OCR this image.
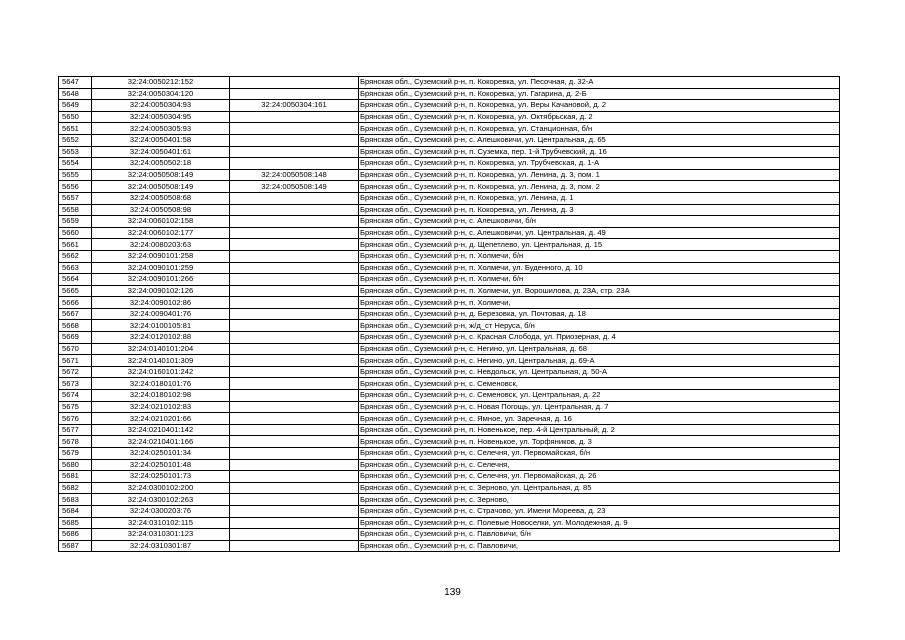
5647	32:24:0050212:152		Брянская обл., Суземский р-н, п. Кокоревка, ул. Песочная, д. 32-А
5648	32:24:0050304:120		Брянская обл., Суземский р-н, п. Кокоревка, ул. Гагарина, д. 2-Б
5649	32:24:0050304:93	32:24:0050304:161	Брянская обл., Суземский р-н, п. Кокоревка, ул. Веры Качановой, д. 2
5650	32:24:0050304:95		Брянская обл., Суземский р-н, п. Кокоревка, ул. Октябрьская, д. 2
5651	32:24:0050305:93		Брянская обл., Суземский р-н, п. Кокоревка, ул. Станционная, б/н
5652	32:24:0050401:58		Брянская обл., Суземский р-н, с. Алешковичи, ул. Центральная, д. 65
5653	32:24:0050401:61		Брянская обл., Суземский р-н, п. Суземка, пер. 1-й Трубчевский, д. 16
5654	32:24:0050502:18		Брянская обл., Суземский р-н, п. Кокоревка, ул. Трубчевская, д. 1-А
5655	32:24:0050508:149	32:24:0050508:148	Брянская обл., Суземский р-н, п. Кокоревка, ул. Ленина, д. 3, пом. 1
5656	32:24:0050508:149	32:24:0050508:149	Брянская обл., Суземский р-н, п. Кокоревка, ул. Ленина, д. 3, пом. 2
5657	32:24:0050508:68		Брянская обл., Суземский р-н, п. Кокоревка, ул. Ленина, д. 1
5658	32:24:0050508:98		Брянская обл., Суземский р-н, п. Кокоревка, ул. Ленина, д. 3
5659	32:24:0060102:158		Брянская обл., Суземский р-н, с. Алешковичи, б/н
5660	32:24:0060102:177		Брянская обл., Суземский р-н, с. Алешковичи, ул. Центральная, д. 49
5661	32:24:0080203:63		Брянская обл., Суземский р-н, д. Щепетлево, ул. Центральная, д. 15
5662	32:24:0090101:258		Брянская обл., Суземский р-н, п. Холмечи, б/н
5663	32:24:0090101:259		Брянская обл., Суземский р-н, п. Холмечи, ул. Буденного, д. 10
5664	32:24:0090101:266		Брянская обл., Суземский р-н, п. Холмечи, б/н
5665	32:24:0090102:126		Брянская обл., Суземский р-н, п. Холмечи, ул. Ворошилова, д. 23А, стр. 23А
5666	32:24:0090102:86		Брянская обл., Суземский р-н, п. Холмечи,
5667	32:24:0090401:76		Брянская обл., Суземский р-н, д. Березовка, ул. Почтовая, д. 18
5668	32:24:0100105:81		Брянская обл., Суземский р-н, ж/д_ст Неруса, б/н
5669	32:24:0120102:88		Брянская обл., Суземский р-н, с. Красная Слобода, ул. Приозерная, д. 4
5670	32:24:0140101:204		Брянская обл., Суземский р-н, с. Негино, ул. Центральная, д. 68
5671	32:24:0140101:309		Брянская обл., Суземский р-н, с. Негино, ул. Центральная, д. 69-А
5672	32:24:0160101:242		Брянская обл., Суземский р-н, с. Невдольск, ул. Центральная, д. 50-А
5673	32:24:0180101:76		Брянская обл., Суземский р-н, с. Семеновск,
5674	32:24:0180102:98		Брянская обл., Суземский р-н, с. Семеновск, ул. Центральная, д. 22
5675	32:24:0210102:83		Брянская обл., Суземский р-н, с. Новая Погощь, ул. Центральная, д. 7
5676	32:24:0210201:66		Брянская обл., Суземский р-н, с. Ямное, ул. Заречная, д. 16
5677	32:24:0210401:142		Брянская обл., Суземский р-н, п. Новенькое, пер. 4-й Центральный, д. 2
5678	32:24:0210401:166		Брянская обл., Суземский р-н, п. Новенькое, ул. Торфяников, д. 3
5679	32:24:0250101:34		Брянская обл., Суземский р-н, с. Селечня, ул. Первомайская, б/н
5680	32:24:0250101:48		Брянская обл., Суземский р-н, с. Селечня,
5681	32:24:0250101:73		Брянская обл., Суземский р-н, с. Селечня, ул. Первомайская, д. 26
5682	32:24:0300102:200		Брянская обл., Суземский р-н, с. Зерново, ул. Центральная, д. 85
5683	32:24:0300102:263		Брянская обл., Суземский р-н, с. Зерново,
5684	32:24:0300203:76		Брянская обл., Суземский р-н, с. Страчово, ул. Имени Мореева, д. 23
5685	32:24:0310102:115		Брянская обл., Суземский р-н, с. Полевые Новоселки, ул. Молодежная, д. 9
5686	32:24:0310301:123		Брянская обл., Суземский р-н, с. Павловичи, б/н
5687	32:24:0310301:87		Брянская обл., Суземский р-н, с. Павловичи,
139
